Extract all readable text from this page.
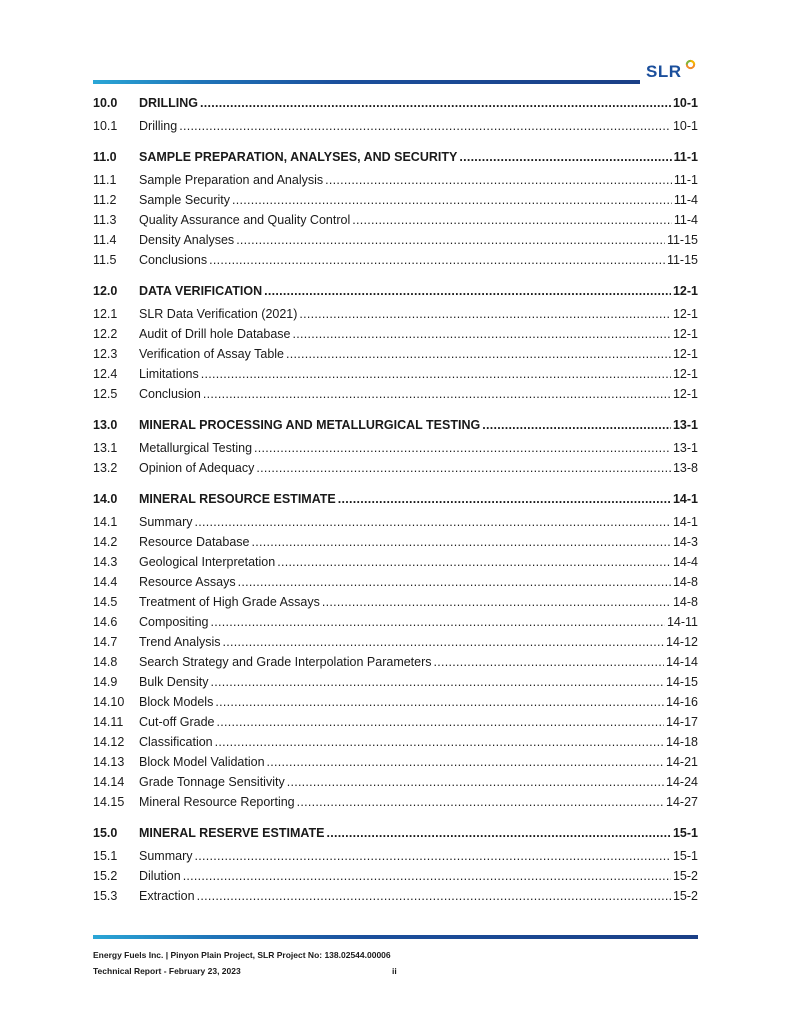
SLR
10.0	DRILLING . . .	10-1
10.1	Drilling . . .	10-1
11.0	SAMPLE PREPARATION, ANALYSES, AND SECURITY . . .	11-1
11.1	Sample Preparation and Analysis . . .	11-1
11.2	Sample Security . . .	11-4
11.3	Quality Assurance and Quality Control . . .	11-4
11.4	Density Analyses . . .	11-15
11.5	Conclusions . . .	11-15
12.0	DATA VERIFICATION . . .	12-1
12.1	SLR Data Verification (2021) . . .	12-1
12.2	Audit of Drill hole Database . . .	12-1
12.3	Verification of Assay Table . . .	12-1
12.4	Limitations . . .	12-1
12.5	Conclusion . . .	12-1
13.0	MINERAL PROCESSING AND METALLURGICAL TESTING . . .	13-1
13.1	Metallurgical Testing . . .	13-1
13.2	Opinion of Adequacy . . .	13-8
14.0	MINERAL RESOURCE ESTIMATE . . .	14-1
14.1	Summary . . .	14-1
14.2	Resource Database . . .	14-3
14.3	Geological Interpretation . . .	14-4
14.4	Resource Assays . . .	14-8
14.5	Treatment of High Grade Assays . . .	14-8
14.6	Compositing . . .	14-11
14.7	Trend Analysis . . .	14-12
14.8	Search Strategy and Grade Interpolation Parameters . . .	14-14
14.9	Bulk Density . . .	14-15
14.10	Block Models . . .	14-16
14.11	Cut-off Grade . . .	14-17
14.12	Classification . . .	14-18
14.13	Block Model Validation . . .	14-21
14.14	Grade Tonnage Sensitivity . . .	14-24
14.15	Mineral Resource Reporting . . .	14-27
15.0	MINERAL RESERVE ESTIMATE . . .	15-1
15.1	Summary . . .	15-1
15.2	Dilution . . .	15-2
15.3	Extraction . . .	15-2
Energy Fuels Inc. | Pinyon Plain Project, SLR Project No: 138.02544.00006
Technical Report - February 23, 2023	ii
